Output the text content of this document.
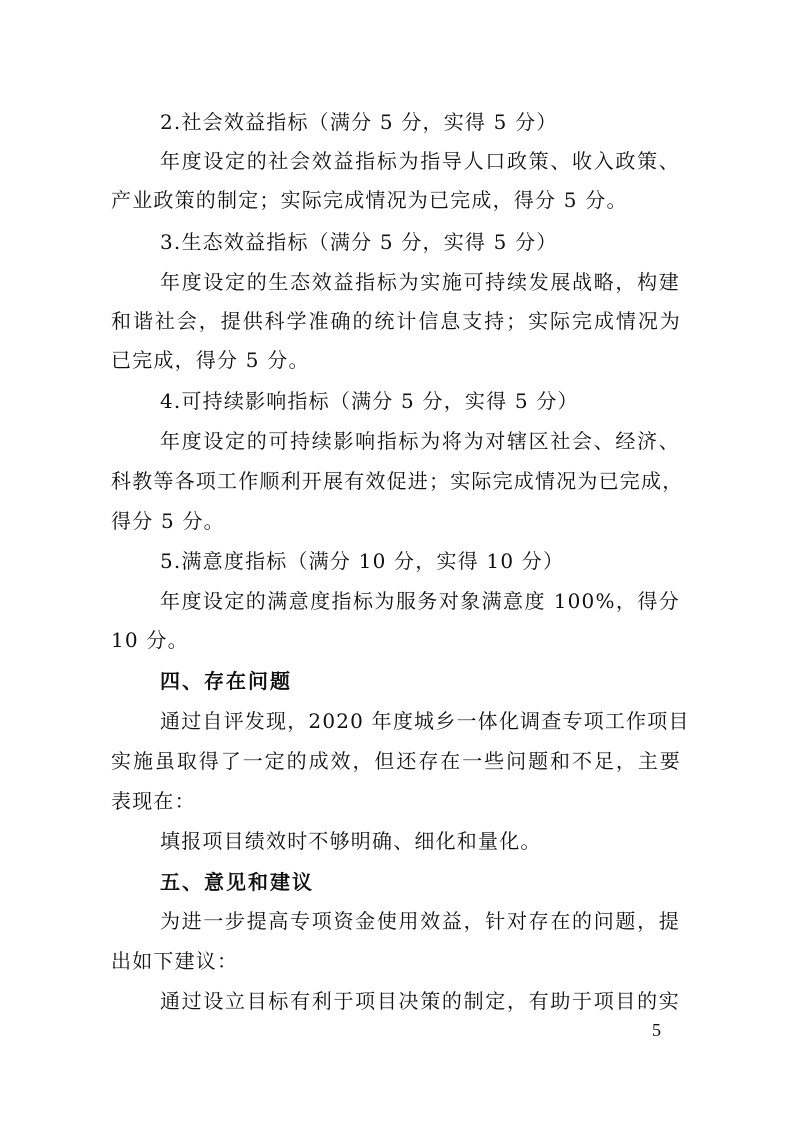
2.社会效益指标（满分 5 分，实得 5 分）
年度设定的社会效益指标为指导人口政策、收入政策、
产业政策的制定；实际完成情况为已完成，得分 5 分。
3.生态效益指标（满分 5 分，实得 5 分）
年度设定的生态效益指标为实施可持续发展战略，构建
和谐社会，提供科学准确的统计信息支持；实际完成情况为
已完成，得分 5 分。
4.可持续影响指标（满分 5 分，实得 5 分）
年度设定的可持续影响指标为将为对辖区社会、经济、
科教等各项工作顺利开展有效促进；实际完成情况为已完成，
得分 5 分。
5.满意度指标（满分 10 分，实得 10 分）
年度设定的满意度指标为服务对象满意度 100%，得分
10 分。
四、存在问题
通过自评发现，2020 年度城乡一体化调查专项工作项目
实施虽取得了一定的成效，但还存在一些问题和不足，主要
表现在：
填报项目绩效时不够明确、细化和量化。
五、意见和建议
为进一步提高专项资金使用效益，针对存在的问题，提
出如下建议：
通过设立目标有利于项目决策的制定，有助于项目的实
5
